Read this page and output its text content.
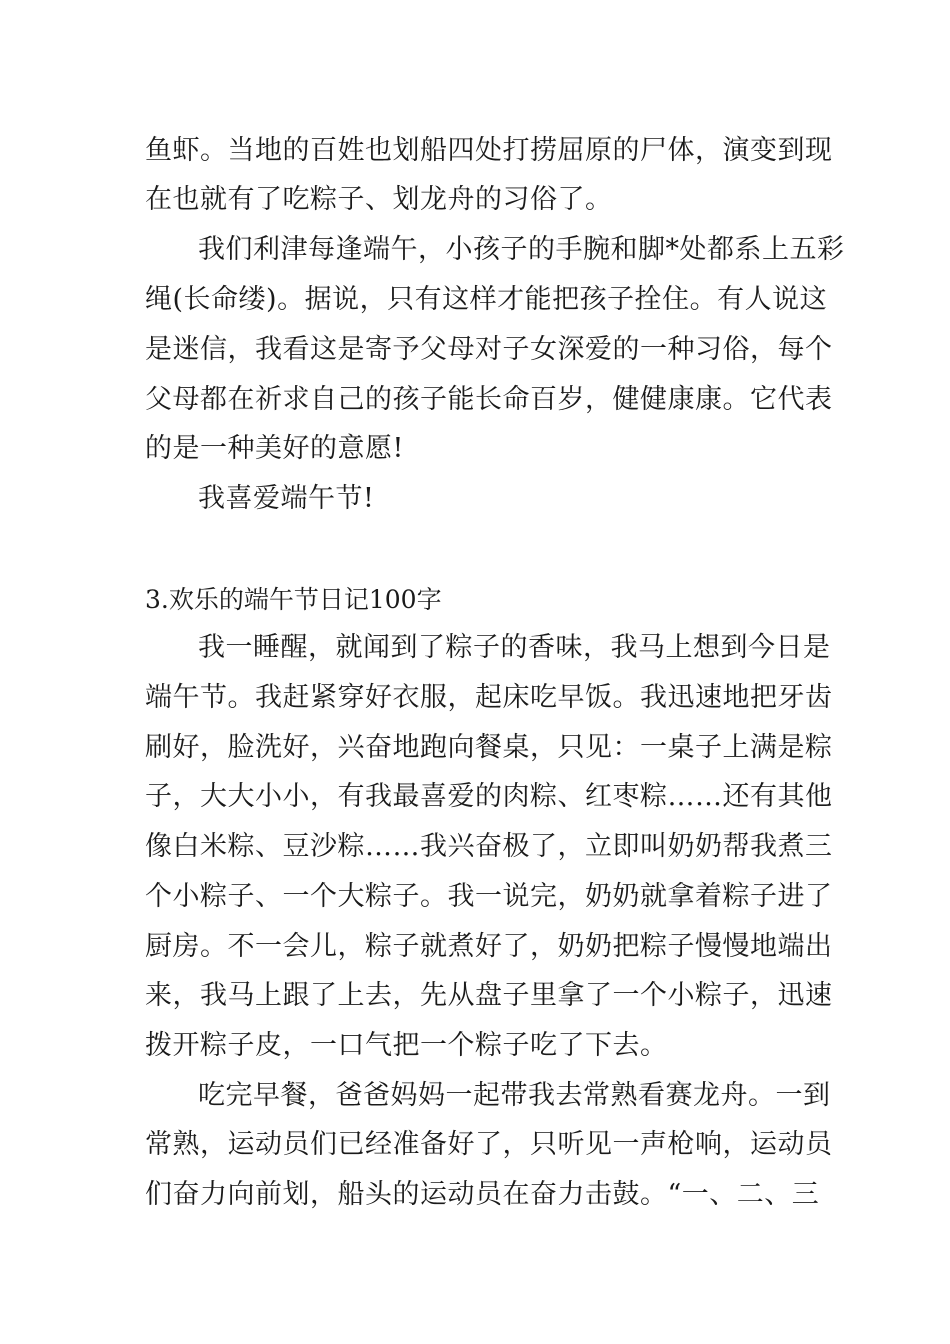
鱼虾。当地的百姓也划船四处打捞屈原的尸体，演变到现
在也就有了吃粽子、划龙舟的习俗了。
我们利津每逢端午，小孩子的手腕和脚*处都系上五彩
绳(长命缕)。据说，只有这样才能把孩子拴住。有人说这
是迷信，我看这是寄予父母对子女深爱的一种习俗，每个
父母都在祈求自己的孩子能长命百岁，健健康康。它代表
的是一种美好的意愿!
我喜爱端午节!
3.欢乐的端午节日记100字
我一睡醒，就闻到了粽子的香味，我马上想到今日是
端午节。我赶紧穿好衣服，起床吃早饭。我迅速地把牙齿
刷好，脸洗好，兴奋地跑向餐桌，只见：一桌子上满是粽
子，大大小小，有我最喜爱的肉粽、红枣粽……还有其他
像白米粽、豆沙粽……我兴奋极了，立即叫奶奶帮我煮三
个小粽子、一个大粽子。我一说完，奶奶就拿着粽子进了
厨房。不一会儿，粽子就煮好了，奶奶把粽子慢慢地端出
来，我马上跟了上去，先从盘子里拿了一个小粽子，迅速
拨开粽子皮，一口气把一个粽子吃了下去。
吃完早餐，爸爸妈妈一起带我去常熟看赛龙舟。一到
常熟，运动员们已经准备好了，只听见一声枪响，运动员
们奋力向前划，船头的运动员在奋力击鼓。“一、二、三
